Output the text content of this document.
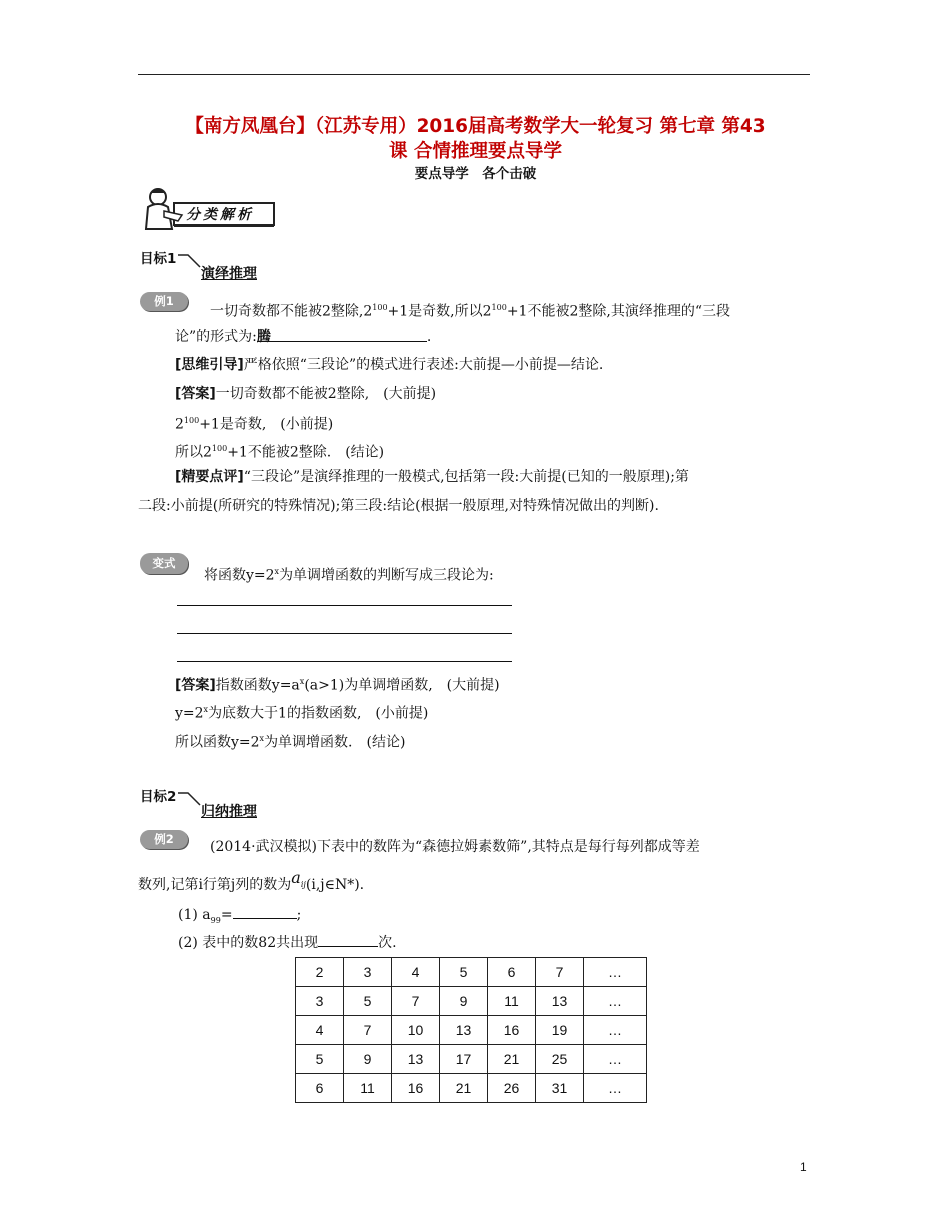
【南方凤凰台】（江苏专用）2016届高考数学大一轮复习 第七章 第43
课 合情推理要点导学
要点导学　各个击破
分类解析
目标1
演绎推理
例1
一切奇数都不能被2整除$,2^{100}+1$是奇数,所以$2^{100}+1$不能被2整除,其演绎推理的“三段
论”的形式为:腾	.
[思维引导]严格依照“三段论”的模式进行表述:大前提—小前提—结论.
[答案]一切奇数都不能被2整除,　(大前提)
$2^{100}+1$是奇数,　(小前提)
所以$2^{100}+1$不能被2整除.　(结论)
[精要点评]“三段论”是演绎推理的一般模式,包括第一段:大前提(已知的一般原理);第
二段:小前提(所研究的特殊情况);第三段:结论(根据一般原理,对特殊情况做出的判断).
变式
将函数$y=2^x$为单调增函数的判断写成三段论为:
[答案]指数函数$y=a^x(a>1)$为单调增函数,　(大前提)
$y=2^x$为底数大于1的指数函数,　(小前提)
所以函数$y=2^x$为单调增函数.　(结论)
目标2
归纳推理
例2	(2014·武汉模拟)下表中的数阵为“森德拉姆素数筛”,其特点是每行每列都成等差
数列,记第i行第j列的数为$a_{ij}(i,j\in N*)$.
(1) $a_{99}=$	;
(2) 表中的数82共出现	次.
2	3	4	5	6	7	…
3	5	7	9	11	13	…
4	7	10	13	16	19	…
5	9	13	17	21	25	…
6	11	16	21	26	31	…
1
